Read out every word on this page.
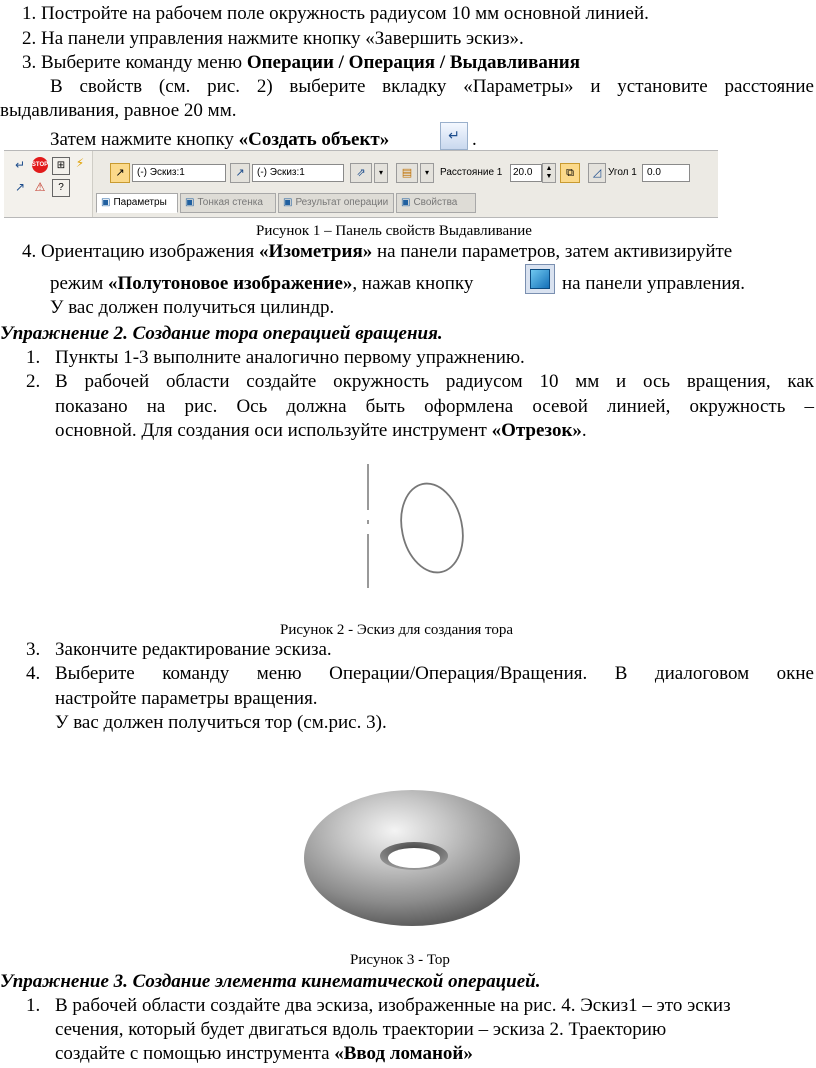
1. Постройте на рабочем поле окружность радиусом 10 мм основной линией.
2. На панели управления нажмите кнопку «Завершить эскиз».
3. Выберите команду меню Операции / Операция / Выдавливания
В свойств (см. рис. 2) выберите вкладку «Параметры» и установите расстояние
выдавливания, равное 20 мм.
Затем нажмите кнопку «Создать объект»	↵ .
↵	STOP ⊞ ⚡
↗ ⚠	?
↗	(-) Эскиз:1	↗	(-) Эскиз:1	⇗	▾	▤	▾	Расстояние 1	20.0	▲
▼	⧉	◿ Угол 1	0.0
▣ Параметры ▣ Тонкая стенка ▣ Результат операции ▣ Свойства
Рисунок 1 – Панель свойств Выдавливание
4. Ориентацию изображения «Изометрия» на панели параметров, затем активизируйте
режим «Полутоновое изображение», нажав кнопку	на панели управления.
У вас должен получиться цилиндр.
Упражнение 2. Создание тора операцией вращения.
1. Пункты 1-3 выполните аналогично первому упражнению.
2. В рабочей области создайте окружность радиусом 10 мм и ось вращения, как
показано на рис. Ось должна быть оформлена осевой линией, окружность –
основной. Для создания оси используйте инструмент «Отрезок».
Рисунок 2 - Эскиз для создания тора
3. Закончите редактирование эскиза.
4. Выберите команду меню Операции/Операция/Вращения. В диалоговом окне
настройте параметры вращения.
У вас должен получиться тор (см.рис. 3).
Рисунок 3 - Тор
Упражнение 3. Создание элемента кинематической операцией.
1. В рабочей области создайте два эскиза, изображенные на рис. 4. Эскиз1 – это эскиз
сечения, который будет двигаться вдоль траектории – эскиза 2. Траекторию
создайте с помощью инструмента «Ввод ломаной»
